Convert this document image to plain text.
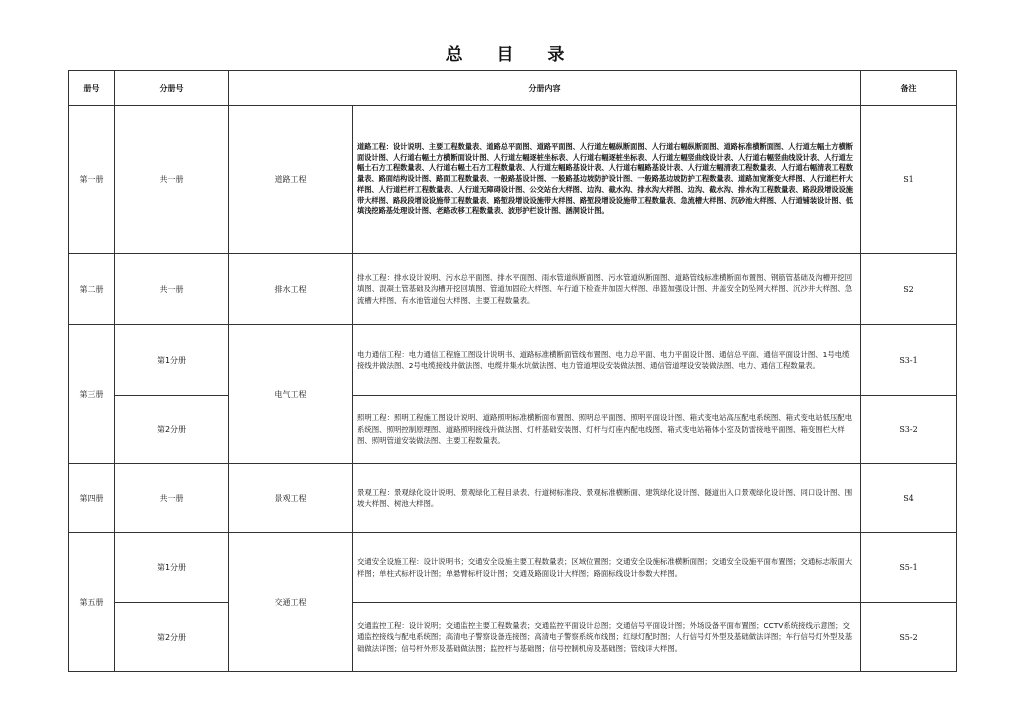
总 目 录
册号	分册号	分册内容		备注
第一册	共一册	道路工程	道路工程：设计说明、主要工程数量表、道路总平面图、道路平面图、人行道左幅纵断面图、人行道右幅纵断面图、道路标准横断面图、人行道左幅土方横断面设计图、人行道右幅土方横断面设计图、人行道左幅逐桩坐标表、人行道右幅逐桩坐标表、人行道左幅竖曲线设计表、人行道右幅竖曲线设计表、人行道左幅土石方工程数量表、人行道右幅土石方工程数量表、人行道左幅路基设计表、人行道右幅路基设计表、人行道左幅清表工程数量表、人行道右幅清表工程数量表、路面结构设计图、路面工程数量表、一般路基设计图、一般路基边坡防护设计图、一般路基边坡防护工程数量表、道路加宽渐变大样图、人行道栏杆大样图、人行道栏杆工程数量表、人行道无障碍设计图、公交站台大样图、边沟、截水沟、排水沟大样图、边沟、截水沟、排水沟工程数量表、路段段增设设施带大样图、路段段增设设施带工程数量表、路堑段增设设施带大样图、路堑段增设设施带工程数量表、急流槽大样图、沉砂池大样图、人行道铺装设计图、低填浅挖路基处理设计图、老路改移工程数量表、波形护栏设计图、涵洞设计图。	S1
第二册	共一册	排水工程	排水工程：排水设计说明、污水总平面图、排水平面图、雨水管道纵断面图、污水管道纵断面图、道路管线标准横断面布置图、钢筋管基础及沟槽开挖回填图、混凝土管基础及沟槽开挖回填图、管道加固砼大样图、车行道下检查井加固大样图、串篮加强设计图、井盖安全防坠网大样图、沉沙井大样图、急流槽大样图、有水池管道包大样图、主要工程数量表。	S2
第三册	第1分册	电气工程	电力通信工程：电力通信工程施工图设计说明书、道路标准横断面管线布置图、电力总平面、电力平面设计图、通信总平面、通信平面设计图、1号电缆接线井做法图、2号电缆接线井做法图、电缆井集水坑做法图、电力管道埋设安装做法图、通信管道埋设安装做法图、电力、通信工程数量表。	S3-1
	第2分册		照明工程：照明工程施工图设计说明、道路照明标准横断面布置图、照明总平面图、照明平面设计图、箱式变电站高压配电系统图、箱式变电站低压配电系统图、照明控制原理图、道路照明接线升做法图、灯杆基础安装图、灯杆与灯座内配电线图、箱式变电站箱体小室及防雷接地平面图、箱变围栏大样图、照明管道安装做法图、主要工程数量表。	S3-2
第四册	共一册	景观工程	景观工程：景观绿化设计说明、景观绿化工程目录表、行道树标准段、景观标准横断面、建筑绿化设计图、隧道出入口景观绿化设计图、同口设计图、围坡大样图、树池大样图。	S4
第五册	第1分册	交通工程	交通安全设施工程：设计说明书；交通安全设施主要工程数量表；区域位置图；交通安全设施标准横断面图；交通安全设施平面布置图；交通标志版面大样图；单柱式标杆设计图；单悬臂标杆设计图；交通及路面设计大样图；路面标线设计参数大样图。	S5-1
	第2分册		交通监控工程：设计说明；交通监控主要工程数量表；交通监控平面设计总图；交通信号平面设计图；外场设备平面布置图；CCTV系统接线示意图；交通监控接线与配电系统图；高清电子警察设备连接图；高清电子警察系统布线图；红绿灯配时图；人行信号灯外型及基础做法详图；车行信号灯外型及基础做法详图；信号杆外形及基础做法图；监控杆与基础图；信号控制机房及基础图；管线详大样图。	S5-2
